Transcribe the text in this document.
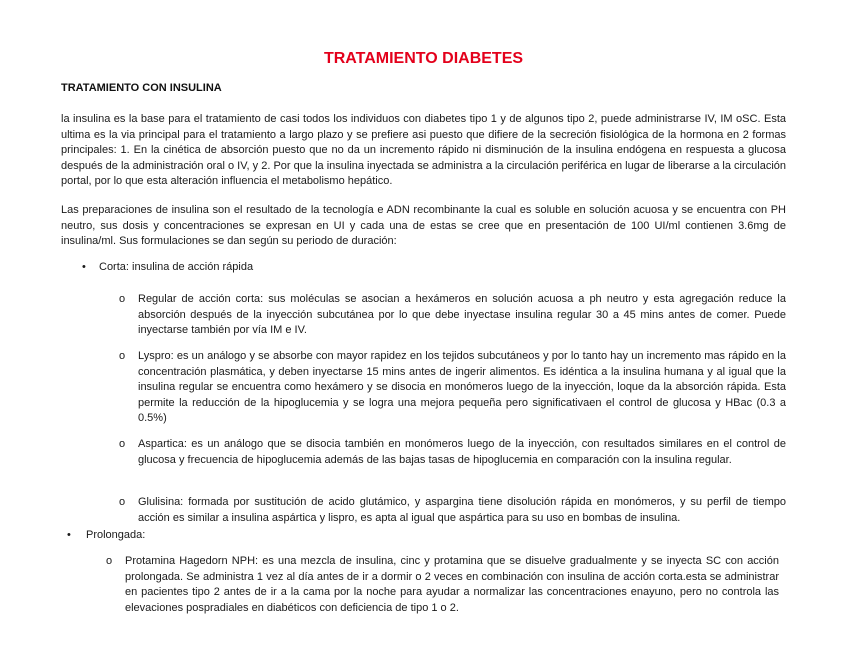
TRATAMIENTO DIABETES
TRATAMIENTO CON INSULINA

la insulina es la base para el tratamiento de casi todos los individuos con diabetes tipo 1 y de algunos tipo 2, puede administrarse IV, IM oSC. Esta ultima es la via principal para el tratamiento a largo plazo y se prefiere asi puesto que difiere de la secreción fisiológica de la hormona en 2 formas principales: 1. En la cinética de absorción puesto que no da un incremento rápido ni disminución de la insulina endógena en respuesta a glucosa después de la administración oral o IV, y 2. Por que la insulina inyectada se administra a la circulación periférica en lugar de liberarse a la circulación portal, por lo que esta alteración influencia el metabolismo hepático.

Las preparaciones de insulina son el resultado de la tecnología e ADN recombinante la cual es soluble en solución acuosa y se encuentra con PH neutro, sus dosis y concentraciones se expresan en UI y cada una de estas se cree que en presentación de 100 UI/ml contienen 3.6mg de insulina/ml. Sus formulaciones se dan según su periodo de duración:

• Corta: insulina de acción rápida
o Regular de acción corta: sus moléculas se asocian a hexámeros en solución acuosa a ph neutro y esta agregación reduce la absorción después de la inyección subcutánea por lo que debe inyectase insulina regular 30 a 45 mins antes de comer. Puede inyectarse también por vía IM e IV.
o Lyspro: es un análogo y se absorbe con mayor rapidez en los tejidos subcutáneos y por lo tanto hay un incremento mas rápido en la concentración plasmática, y deben inyectarse 15 mins antes de ingerir alimentos. Es idéntica a la insulina humana y al igual que la insulina regular se encuentra como hexámero y se disocia en monómeros luego de la inyección, loque da la absorción rápida. Esta permite la reducción de la hipoglucemia y se logra una mejora pequeña pero significativaen el control de glucosa y HBac (0.3 a 0.5%)
o Aspartica: es un análogo que se disocia también en monómeros luego de la inyección, con resultados similares en el control de glucosa y frecuencia de hipoglucemia además de las bajas tasas de hipoglucemia en comparación con la insulina regular.
o Glulisina: formada por sustitución de acido glutámico, y aspargina tiene disolución rápida en monómeros, y su perfil de tiempo acción es similar a insulina aspártica y lispro, es apta al igual que aspártica para su uso en bombas de insulina.
• Prolongada:
o Protamina Hagedorn NPH: es una mezcla de insulina, cinc y protamina que se disuelve gradualmente y se inyecta SC con acción prolongada. Se administra 1 vez al día antes de ir a dormir o 2 veces en combinación con insulina de acción corta.esta se administrar en pacientes tipo 2 antes de ir a la cama por la noche para ayudar a normalizar las concentraciones enayuno, pero no controla las elevaciones pospradiales en diabéticos con deficiencia de tipo 1 o 2.
